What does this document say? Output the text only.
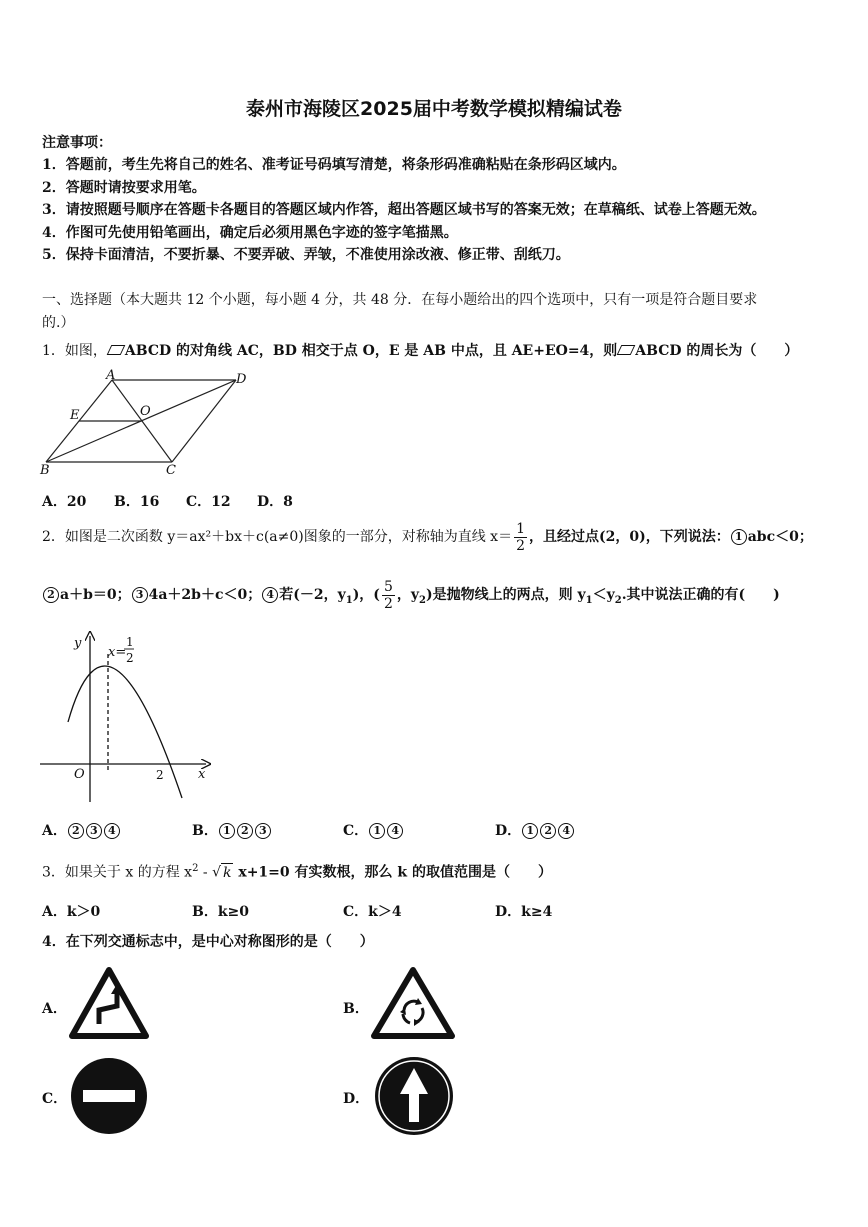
泰州市海陵区2025届中考数学模拟精编试卷
注意事项：
1．答题前，考生先将自己的姓名、准考证号码填写清楚，将条形码准确粘贴在条形码区域内。
2．答题时请按要求用笔。
3．请按照题号顺序在答题卡各题目的答题区域内作答，超出答题区域书写的答案无效；在草稿纸、试卷上答题无效。
4．作图可先使用铅笔画出，确定后必须用黑色字迹的签字笔描黑。
5．保持卡面清洁，不要折暴、不要弄破、弄皱，不准使用涂改液、修正带、刮纸刀。
一、选择题（本大题共 12 个小题，每小题 4 分，共 48 分．在每小题给出的四个选项中，只有一项是符合题目要求
的.）
1．如图， ABCD 的对角线 AC，BD 相交于点 O，E 是 AB 中点，且 AE+EO=4，则 ABCD 的周长为（　　）
A	D
E	O
B	C
A．20 B．16 C．12 D．8
2．如图是二次函数 y＝ax²＋bx＋c(a≠0)图象的一部分，对称轴为直线 $x= \frac{1}{2}$ ，且经过点(2，0)，下列说法： 1 abc＜0；
2 a＋b＝0； 3 4a＋2b＋c＜0； 4 若(－2，$y_1$)，( $\frac{5}{2}$ ，$y_2$)是抛物线上的两点，则 $y_1<y_2$.其中说法正确的有(　　)
y
x
O
x=
2
1
2
A． 2 3 4	B． 1 2 3	C． 1 4	D． 1 2 4
3．如果关于 x 的方程 $x^2$ - √ k x+1=0 有实数根，那么 k 的取值范围是（　　）
A．k＞0	B．k≥0	C．k＞4	D．k≥4
4．在下列交通标志中，是中心对称图形的是（　　）
A．	B．
C．	D．
